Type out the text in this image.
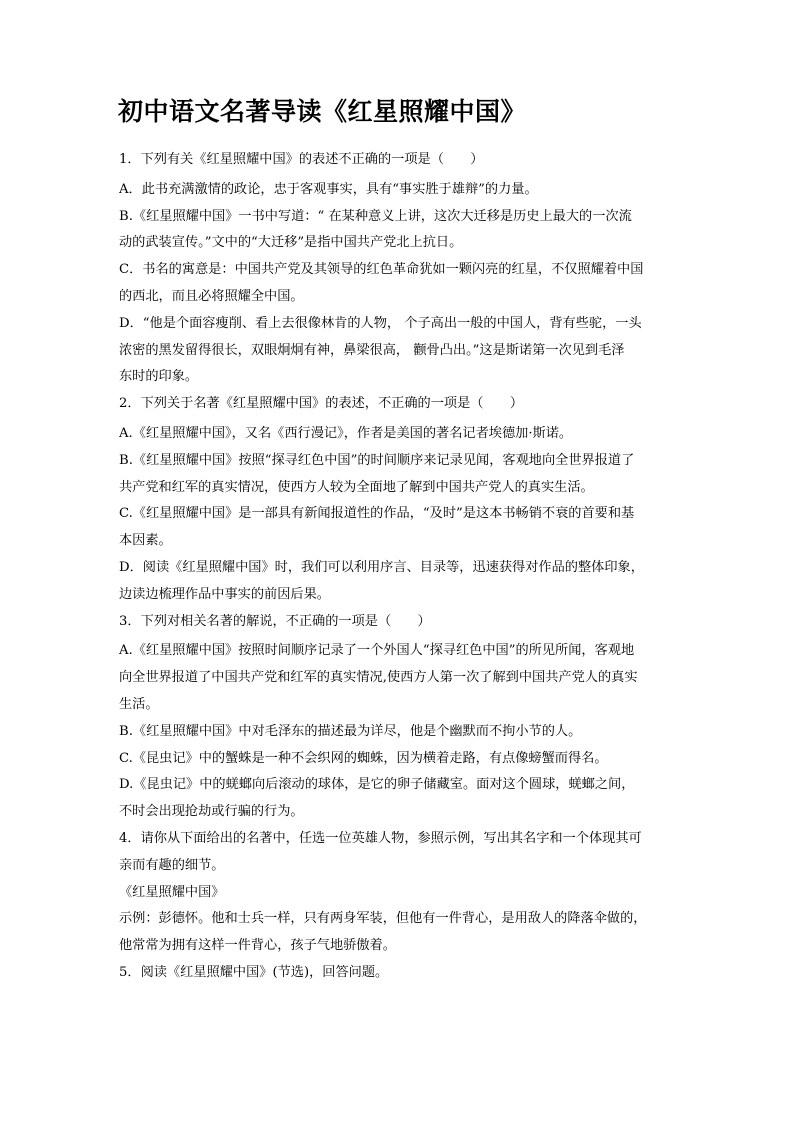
初中语文名著导读《红星照耀中国》
1．下列有关《红星照耀中国》的表述不正确的一项是（　　）
A．此书充满激情的政论，忠于客观事实，具有“事实胜于雄辩”的力量。
B.《红星照耀中国》一书中写道：“ 在某种意义上讲，这次大迁移是历史上最大的一次流
动的武装宣传。”文中的“大迁移”是指中国共产党北上抗日。
C．书名的寓意是：中国共产党及其领导的红色革命犹如一颗闪亮的红星，不仅照耀着中国
的西北，而且必将照耀全中国。
D．“他是个面容瘦削、看上去很像林肯的人物， 个子高出一般的中国人，背有些驼，一头
浓密的黑发留得很长，双眼炯炯有神，鼻梁很高， 颧骨凸出。”这是斯诺第一次见到毛泽
东时的印象。
2．下列关于名著《红星照耀中国》的表述，不正确的一项是（　　）
A.《红星照耀中国》，又名《西行漫记》，作者是美国的著名记者埃德加·斯诺。
B.《红星照耀中国》按照“探寻红色中国”的时间顺序来记录见闻，客观地向全世界报道了
共产党和红军的真实情况，使西方人较为全面地了解到中国共产党人的真实生活。
C.《红星照耀中国》是一部具有新闻报道性的作品，“及时”是这本书畅销不衰的首要和基
本因素。
D．阅读《红星照耀中国》时，我们可以利用序言、目录等，迅速获得对作品的整体印象，
边读边梳理作品中事实的前因后果。
3．下列对相关名著的解说，不正确的一项是（　　）
A.《红星照耀中国》按照时间顺序记录了一个外国人“探寻红色中国”的所见所闻，客观地
向全世界报道了中国共产党和红军的真实情况,使西方人第一次了解到中国共产党人的真实
生活。
B.《红星照耀中国》中对毛泽东的描述最为详尽，他是个幽默而不拘小节的人。
C.《昆虫记》中的蟹蛛是一种不会织网的蜘蛛，因为横着走路，有点像螃蟹而得名。
D.《昆虫记》中的蜣螂向后滚动的球体，是它的卵子储藏室。面对这个圆球，蜣螂之间，
不时会出现抢劫或行骗的行为。
4．请你从下面给出的名著中，任选一位英雄人物，参照示例，写出其名字和一个体现其可
亲而有趣的细节。
《红星照耀中国》
示例：彭德怀。他和士兵一样，只有两身军装，但他有一件背心，是用敌人的降落伞做的，
他常常为拥有这样一件背心，孩子气地骄傲着。
5．阅读《红星照耀中国》(节选)，回答问题。
